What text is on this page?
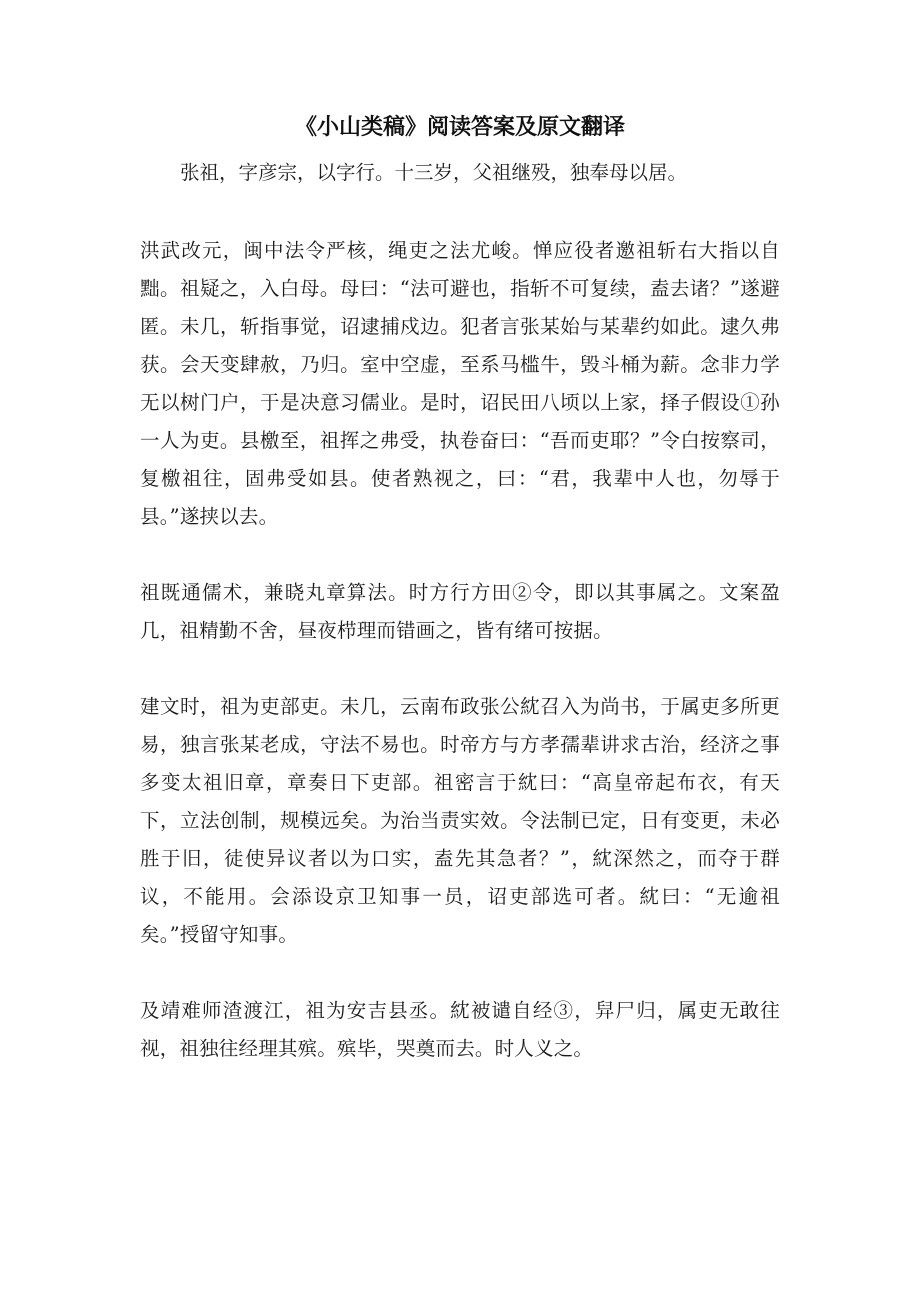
《小山类稿》阅读答案及原文翻译

张祖，字彦宗，以字行。十三岁，父祖继殁，独奉母以居。

洪武改元，闽中法令严核，绳吏之法尤峻。惮应役者邀祖斩右大指以自黜。祖疑之，入白母。母曰：“法可避也，指斩不可复续，盍去诸？”遂避匿。未几，斩指事觉，诏逮捕戍边。犯者言张某始与某辈约如此。逮久弗获。会天变肆赦，乃归。室中空虚，至系马槛牛，毁斗桶为薪。念非力学无以树门户，于是决意习儒业。是时，诏民田八顷以上家，择子假设①孙一人为吏。县檄至，祖挥之弗受，执卷奋曰：“吾而吏耶？”令白按察司，复檄祖往，固弗受如县。使者熟视之，曰：“君，我辈中人也，勿辱于县。”遂挟以去。

祖既通儒术，兼晓丸章算法。时方行方田②令，即以其事属之。文案盈几，祖精勤不舍，昼夜栉理而错画之，皆有绪可按据。

建文时，祖为吏部吏。未几，云南布政张公紞召入为尚书，于属吏多所更易，独言张某老成，守法不易也。时帝方与方孝孺辈讲求古治，经济之事多变太祖旧章，章奏日下吏部。祖密言于紞曰：“高皇帝起布衣，有天下，立法创制，规模远矣。为治当责实效。令法制已定，日有变更，未必胜于旧，徒使异议者以为口实，盍先其急者？”，紞深然之，而夺于群议，不能用。会添设京卫知事一员，诏吏部选可者。紞曰：“无逾祖矣。”授留守知事。

及靖难师渣渡江，祖为安吉县丞。紞被谴自经③，舁尸归，属吏无敢往视，祖独往经理其殡。殡毕，哭奠而去。时人义之。
